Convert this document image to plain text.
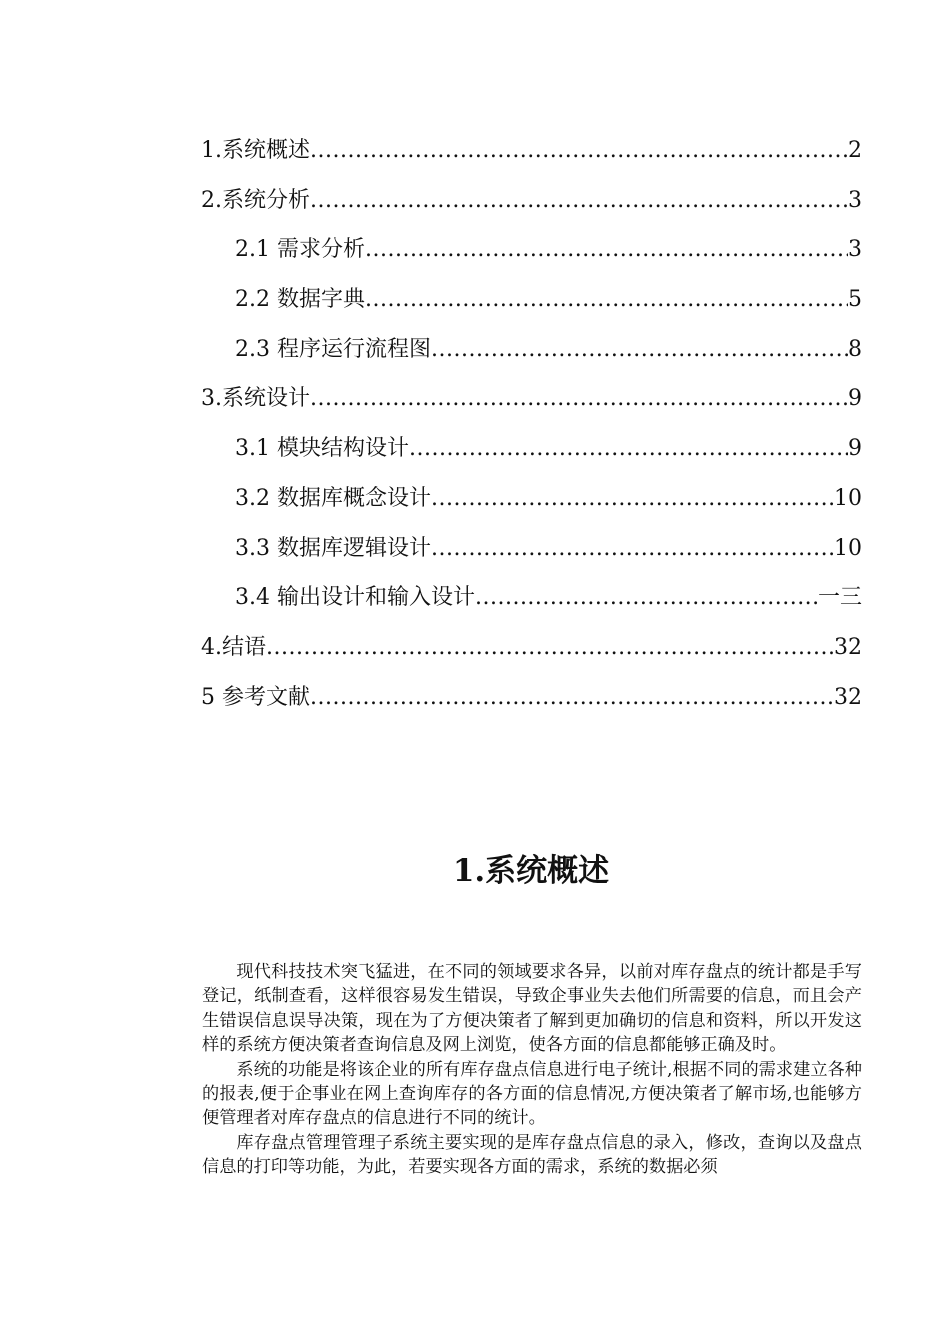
1.系统概述 .....	2
2.系统分析 .....	3
2.1 需求分析 .....	3
2.2 数据字典 .....	5
2.3 程序运行流程图 .....	8
3.系统设计 .....	9
3.1 模块结构设计 .....	9
3.2 数据库概念设计 .....	10
3.3 数据库逻辑设计 .....	10
3.4 输出设计和输入设计 .....	一三
4.结语 .....	32
5 参考文献 .....	32
1.系统概述

现代科技技术突飞猛进，在不同的领域要求各异，以前对库存盘点的统计都是手写登记，纸制查看，这样很容易发生错误，导致企事业失去他们所需要的信息，而且会产生错误信息误导决策，现在为了方便决策者了解到更加确切的信息和资料，所以开发这样的系统方便决策者查询信息及网上浏览，使各方面的信息都能够正确及时。

系统的功能是将该企业的所有库存盘点信息进行电子统计,根据不同的需求建立各种的报表,便于企事业在网上查询库存的各方面的信息情况,方便决策者了解市场,也能够方便管理者对库存盘点的信息进行不同的统计。

库存盘点管理管理子系统主要实现的是库存盘点信息的录入，修改，查询以及盘点信息的打印等功能，为此，若要实现各方面的需求，系统的数据必须
